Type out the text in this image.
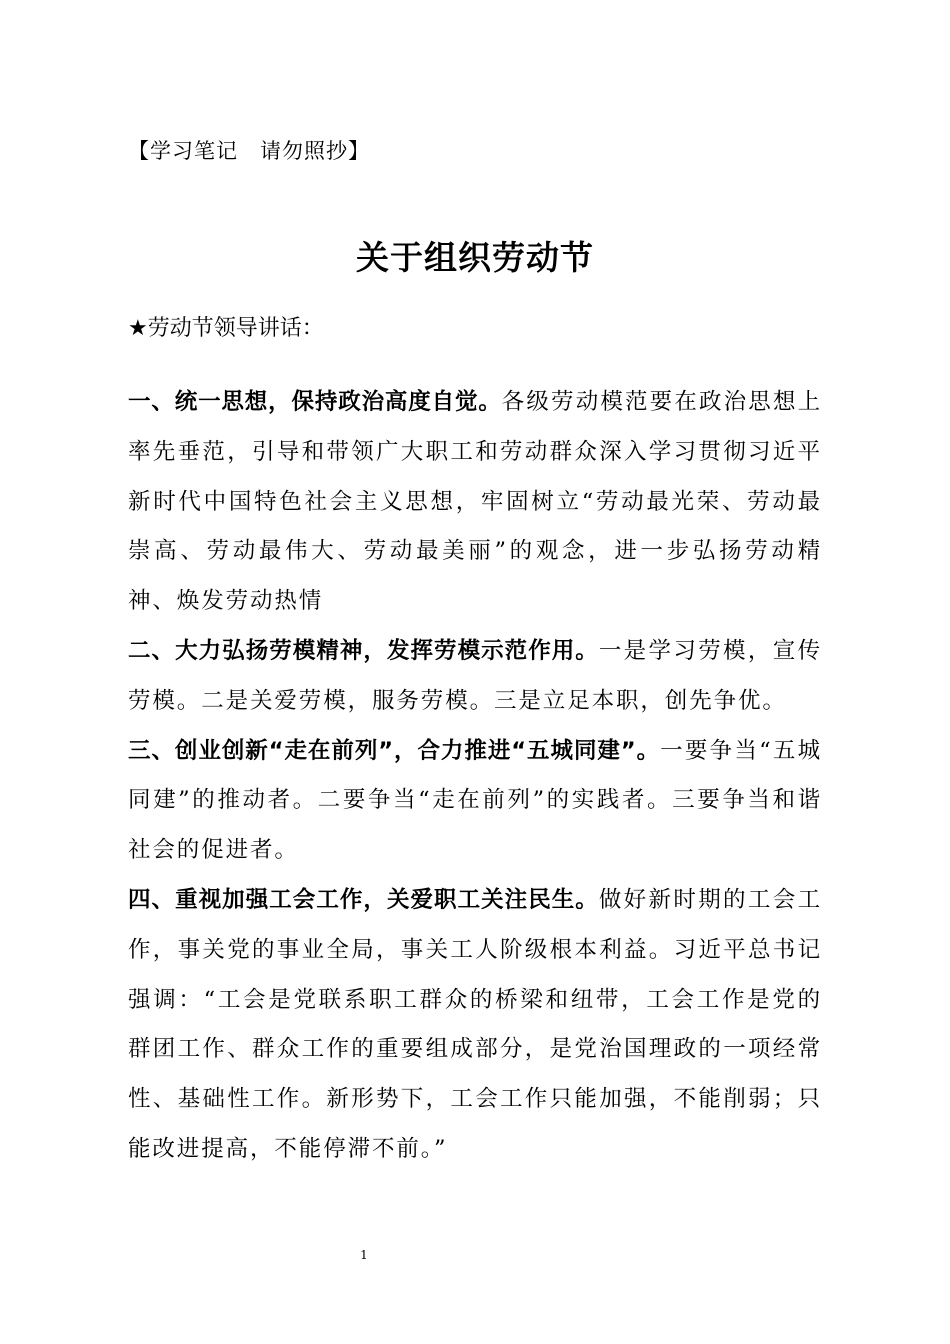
【学习笔记　请勿照抄】
关于组织劳动节
★劳动节领导讲话：

一、统一思想，保持政治高度自觉。各级劳动模范要在政治思想上率先垂范，引导和带领广大职工和劳动群众深入学习贯彻习近平新时代中国特色社会主义思想，牢固树立“劳动最光荣、劳动最崇高、劳动最伟大、劳动最美丽”的观念，进一步弘扬劳动精神、焕发劳动热情

二、大力弘扬劳模精神，发挥劳模示范作用。一是学习劳模，宣传劳模。二是关爱劳模，服务劳模。三是立足本职，创先争优。

三、创业创新“走在前列”，合力推进“五城同建”。一要争当“五城同建”的推动者。二要争当“走在前列”的实践者。三要争当和谐社会的促进者。

四、重视加强工会工作，关爱职工关注民生。做好新时期的工会工作，事关党的事业全局，事关工人阶级根本利益。习近平总书记强调：“工会是党联系职工群众的桥梁和纽带，工会工作是党的群团工作、群众工作的重要组成部分，是党治国理政的一项经常性、基础性工作。新形势下，工会工作只能加强，不能削弱；只能改进提高，不能停滞不前。”

1
